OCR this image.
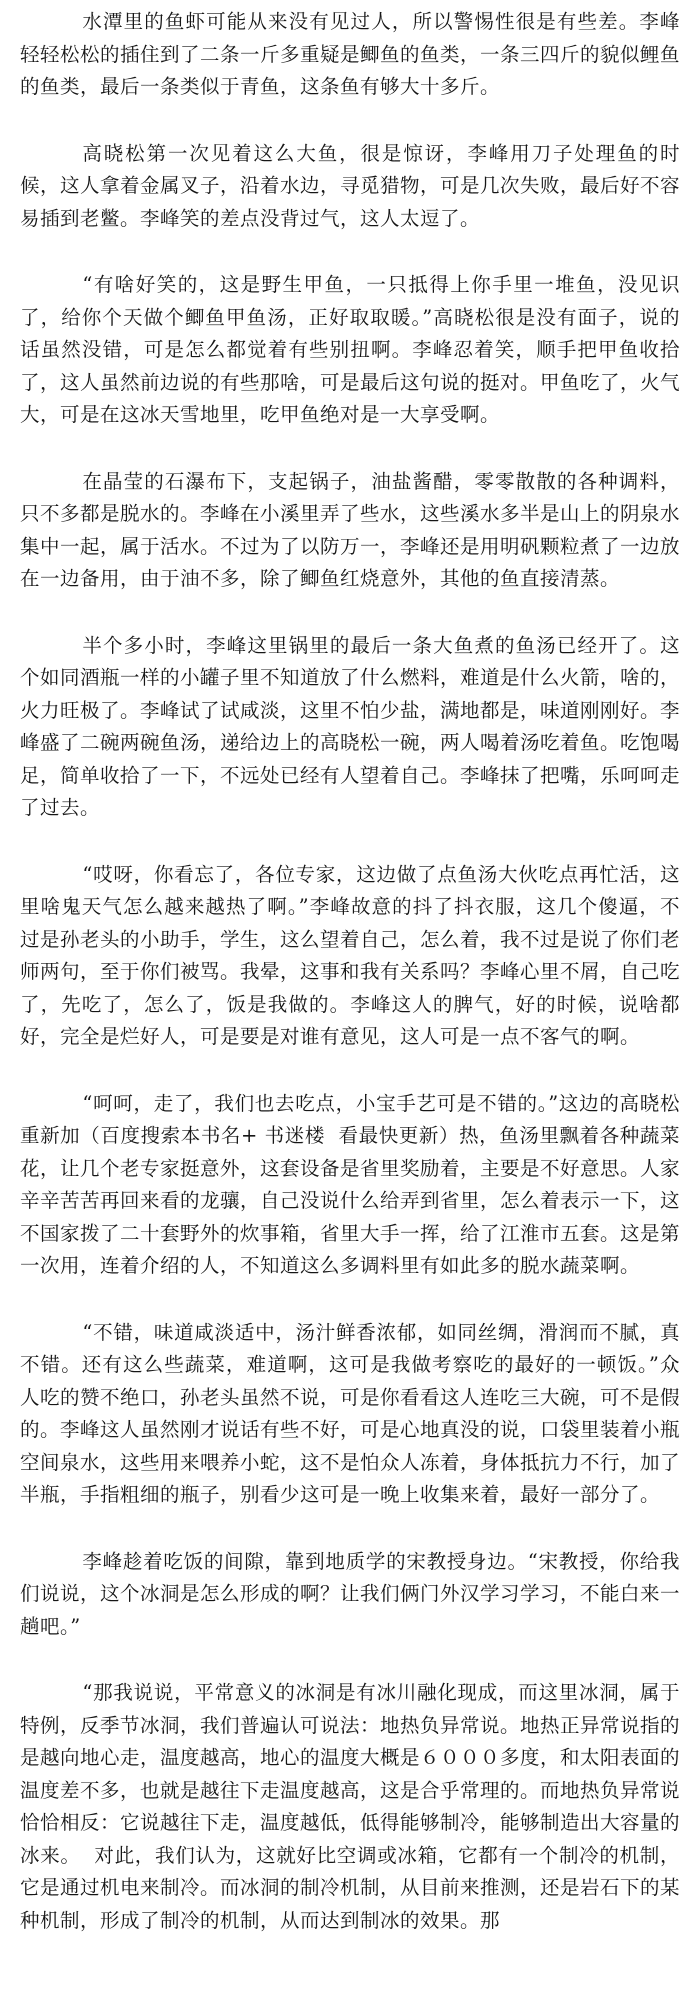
水潭里的鱼虾可能从来没有见过人，所以警惕性很是有些差。李峰轻轻松松的插住到了二条一斤多重疑是鲫鱼的鱼类，一条三四斤的貌似鲤鱼的鱼类，最后一条类似于青鱼，这条鱼有够大十多斤。

高晓松第一次见着这么大鱼，很是惊讶，李峰用刀子处理鱼的时候，这人拿着金属叉子，沿着水边，寻觅猎物，可是几次失败，最后好不容易插到老鳖。李峰笑的差点没背过气，这人太逗了。

“有啥好笑的，这是野生甲鱼，一只抵得上你手里一堆鱼，没见识了，给你个天做个鲫鱼甲鱼汤，正好取取暖。”高晓松很是没有面子，说的话虽然没错，可是怎么都觉着有些别扭啊。李峰忍着笑，顺手把甲鱼收拾了，这人虽然前边说的有些那啥，可是最后这句说的挺对。甲鱼吃了，火气大，可是在这冰天雪地里，吃甲鱼绝对是一大享受啊。

在晶莹的石瀑布下，支起锅子，油盐酱醋，零零散散的各种调料，只不多都是脱水的。李峰在小溪里弄了些水，这些溪水多半是山上的阴泉水集中一起，属于活水。不过为了以防万一，李峰还是用明矾颗粒煮了一边放在一边备用，由于油不多，除了鲫鱼红烧意外，其他的鱼直接清蒸。

半个多小时，李峰这里锅里的最后一条大鱼煮的鱼汤已经开了。这个如同酒瓶一样的小罐子里不知道放了什么燃料，难道是什么火箭，啥的，火力旺极了。李峰试了试咸淡，这里不怕少盐，满地都是，味道刚刚好。李峰盛了二碗两碗鱼汤，递给边上的高晓松一碗，两人喝着汤吃着鱼。吃饱喝足，简单收拾了一下，不远处已经有人望着自己。李峰抹了把嘴，乐呵呵走了过去。

“哎呀，你看忘了，各位专家，这边做了点鱼汤大伙吃点再忙活，这里啥鬼天气怎么越来越热了啊。”李峰故意的抖了抖衣服，这几个傻逼，不过是孙老头的小助手，学生，这么望着自己，怎么着，我不过是说了你们老师两句，至于你们被骂。我晕，这事和我有关系吗？李峰心里不屑，自己吃了，先吃了，怎么了，饭是我做的。李峰这人的脾气，好的时候，说啥都好，完全是烂好人，可是要是对谁有意见，这人可是一点不客气的啊。

“呵呵，走了，我们也去吃点，小宝手艺可是不错的。”这边的高晓松重新加（百度搜索本书名+ 书迷楼  看最快更新）热，鱼汤里飘着各种蔬菜花，让几个老专家挺意外，这套设备是省里奖励着，主要是不好意思。人家辛辛苦苦再回来看的龙骧，自己没说什么给弄到省里，怎么着表示一下，这不国家拨了二十套野外的炊事箱，省里大手一挥，给了江淮市五套。这是第一次用，连着介绍的人，不知道这么多调料里有如此多的脱水蔬菜啊。

“不错，味道咸淡适中，汤汁鲜香浓郁，如同丝绸，滑润而不腻，真不错。还有这么些蔬菜，难道啊，这可是我做考察吃的最好的一顿饭。”众人吃的赞不绝口，孙老头虽然不说，可是你看看这人连吃三大碗，可不是假的。李峰这人虽然刚才说话有些不好，可是心地真没的说，口袋里装着小瓶空间泉水，这些用来喂养小蛇，这不是怕众人冻着，身体抵抗力不行，加了半瓶，手指粗细的瓶子，别看少这可是一晚上收集来着，最好一部分了。

李峰趁着吃饭的间隙，靠到地质学的宋教授身边。“宋教授，你给我们说说，这个冰洞是怎么形成的啊？让我们俩门外汉学习学习，不能白来一趟吧。”

“那我说说，平常意义的冰洞是有冰川融化现成，而这里冰洞，属于特例，反季节冰洞，我们普遍认可说法：地热负异常说。地热正异常说指的是越向地心走，温度越高，地心的温度大概是６０００多度，和太阳表面的温度差不多，也就是越往下走温度越高，这是合乎常理的。而地热负异常说恰恰相反：它说越往下走，温度越低，低得能够制冷，能够制造出大容量的冰来。  对此，我们认为，这就好比空调或冰箱，它都有一个制冷的机制，它是通过机电来制冷。而冰洞的制冷机制，从目前来推测，还是岩石下的某种机制，形成了制冷的机制，从而达到制冰的效果。那
